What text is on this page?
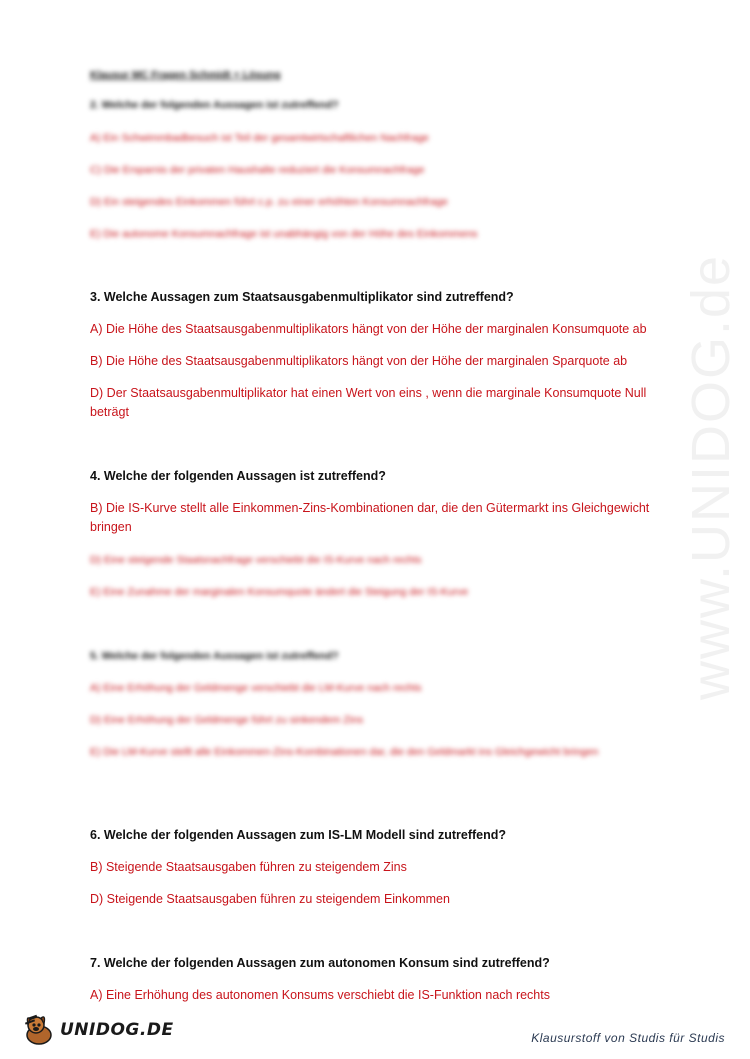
www.UNIDOG.de
Klausur MC Fragen Schmidt + Lösung
2. Welche der folgenden Aussagen ist zutreffend?
A) Ein Schwimmbadbesuch ist Teil der gesamtwirtschaftlichen Nachfrage
C) Die Ersparnis der privaten Haushalte reduziert die Konsumnachfrage
D) Ein steigendes Einkommen führt c.p. zu einer erhöhten Konsumnachfrage
E) Die autonome Konsumnachfrage ist unabhängig von der Höhe des Einkommens
3. Welche Aussagen zum Staatsausgabenmultiplikator sind zutreffend?
A) Die Höhe des Staatsausgabenmultiplikators hängt von der Höhe der marginalen Konsumquote ab
B) Die Höhe des Staatsausgabenmultiplikators hängt von der Höhe der marginalen Sparquote ab
D) Der Staatsausgabenmultiplikator hat einen Wert von eins , wenn die marginale Konsumquote Null beträgt
4. Welche der folgenden Aussagen ist zutreffend?
B) Die IS-Kurve stellt alle Einkommen-Zins-Kombinationen dar, die den Gütermarkt ins Gleichgewicht bringen
D) Eine steigende Staatsnachfrage verschiebt die IS-Kurve nach rechts
E) Eine Zunahme der marginalen Konsumquote ändert die Steigung der IS-Kurve
5. Welche der folgenden Aussagen ist zutreffend?
A) Eine Erhöhung der Geldmenge verschiebt die LM-Kurve nach rechts
D) Eine Erhöhung der Geldmenge führt zu sinkendem Zins
E) Die LM-Kurve stellt alle Einkommen-Zins-Kombinationen dar, die den Geldmarkt ins Gleichgewicht bringen
6. Welche der folgenden Aussagen zum IS-LM Modell sind zutreffend?
B) Steigende Staatsausgaben führen zu steigendem Zins
D) Steigende Staatsausgaben führen zu steigendem Einkommen
7. Welche der folgenden Aussagen zum autonomen Konsum sind zutreffend?
A) Eine Erhöhung des autonomen Konsums verschiebt die IS-Funktion nach rechts
UNIDOG.DE	Klausurstoff von Studis für Studis
